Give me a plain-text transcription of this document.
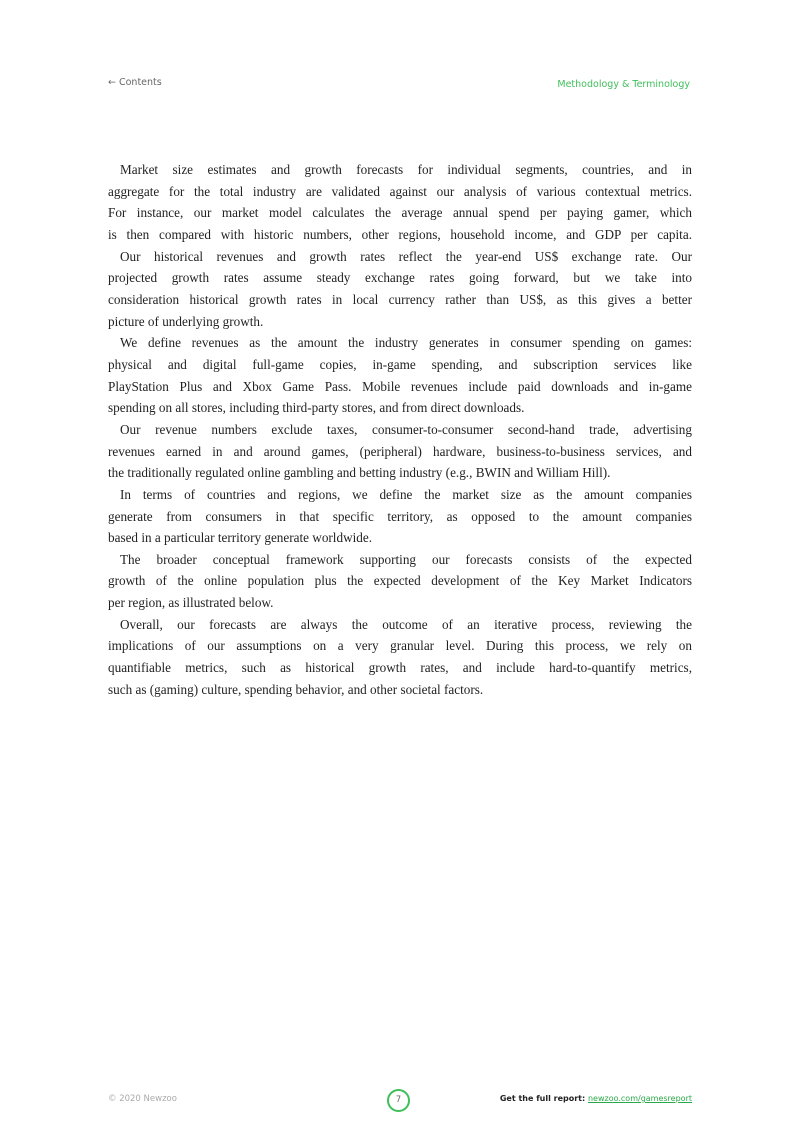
← Contents	Methodology & Terminology
Market size estimates and growth forecasts for individual segments, countries, and in
aggregate for the total industry are validated against our analysis of various contextual metrics.
For instance, our market model calculates the average annual spend per paying gamer, which
is then compared with historic numbers, other regions, household income, and GDP per capita.
Our historical revenues and growth rates reflect the year-end US$ exchange rate. Our
projected growth rates assume steady exchange rates going forward, but we take into
consideration historical growth rates in local currency rather than US$, as this gives a better
picture of underlying growth.
We define revenues as the amount the industry generates in consumer spending on games:
physical and digital full-game copies, in-game spending, and subscription services like
PlayStation Plus and Xbox Game Pass. Mobile revenues include paid downloads and in-game
spending on all stores, including third-party stores, and from direct downloads.
Our revenue numbers exclude taxes, consumer-to-consumer second-hand trade, advertising
revenues earned in and around games, (peripheral) hardware, business-to-business services, and
the traditionally regulated online gambling and betting industry (e.g., BWIN and William Hill).
In terms of countries and regions, we define the market size as the amount companies
generate from consumers in that specific territory, as opposed to the amount companies
based in a particular territory generate worldwide.
The broader conceptual framework supporting our forecasts consists of the expected
growth of the online population plus the expected development of the Key Market Indicators
per region, as illustrated below.
Overall, our forecasts are always the outcome of an iterative process, reviewing the
implications of our assumptions on a very granular level. During this process, we rely on
quantifiable metrics, such as historical growth rates, and include hard-to-quantify metrics,
such as (gaming) culture, spending behavior, and other societal factors.
© 2020 Newzoo	7	Get the full report: newzoo.com/gamesreport
